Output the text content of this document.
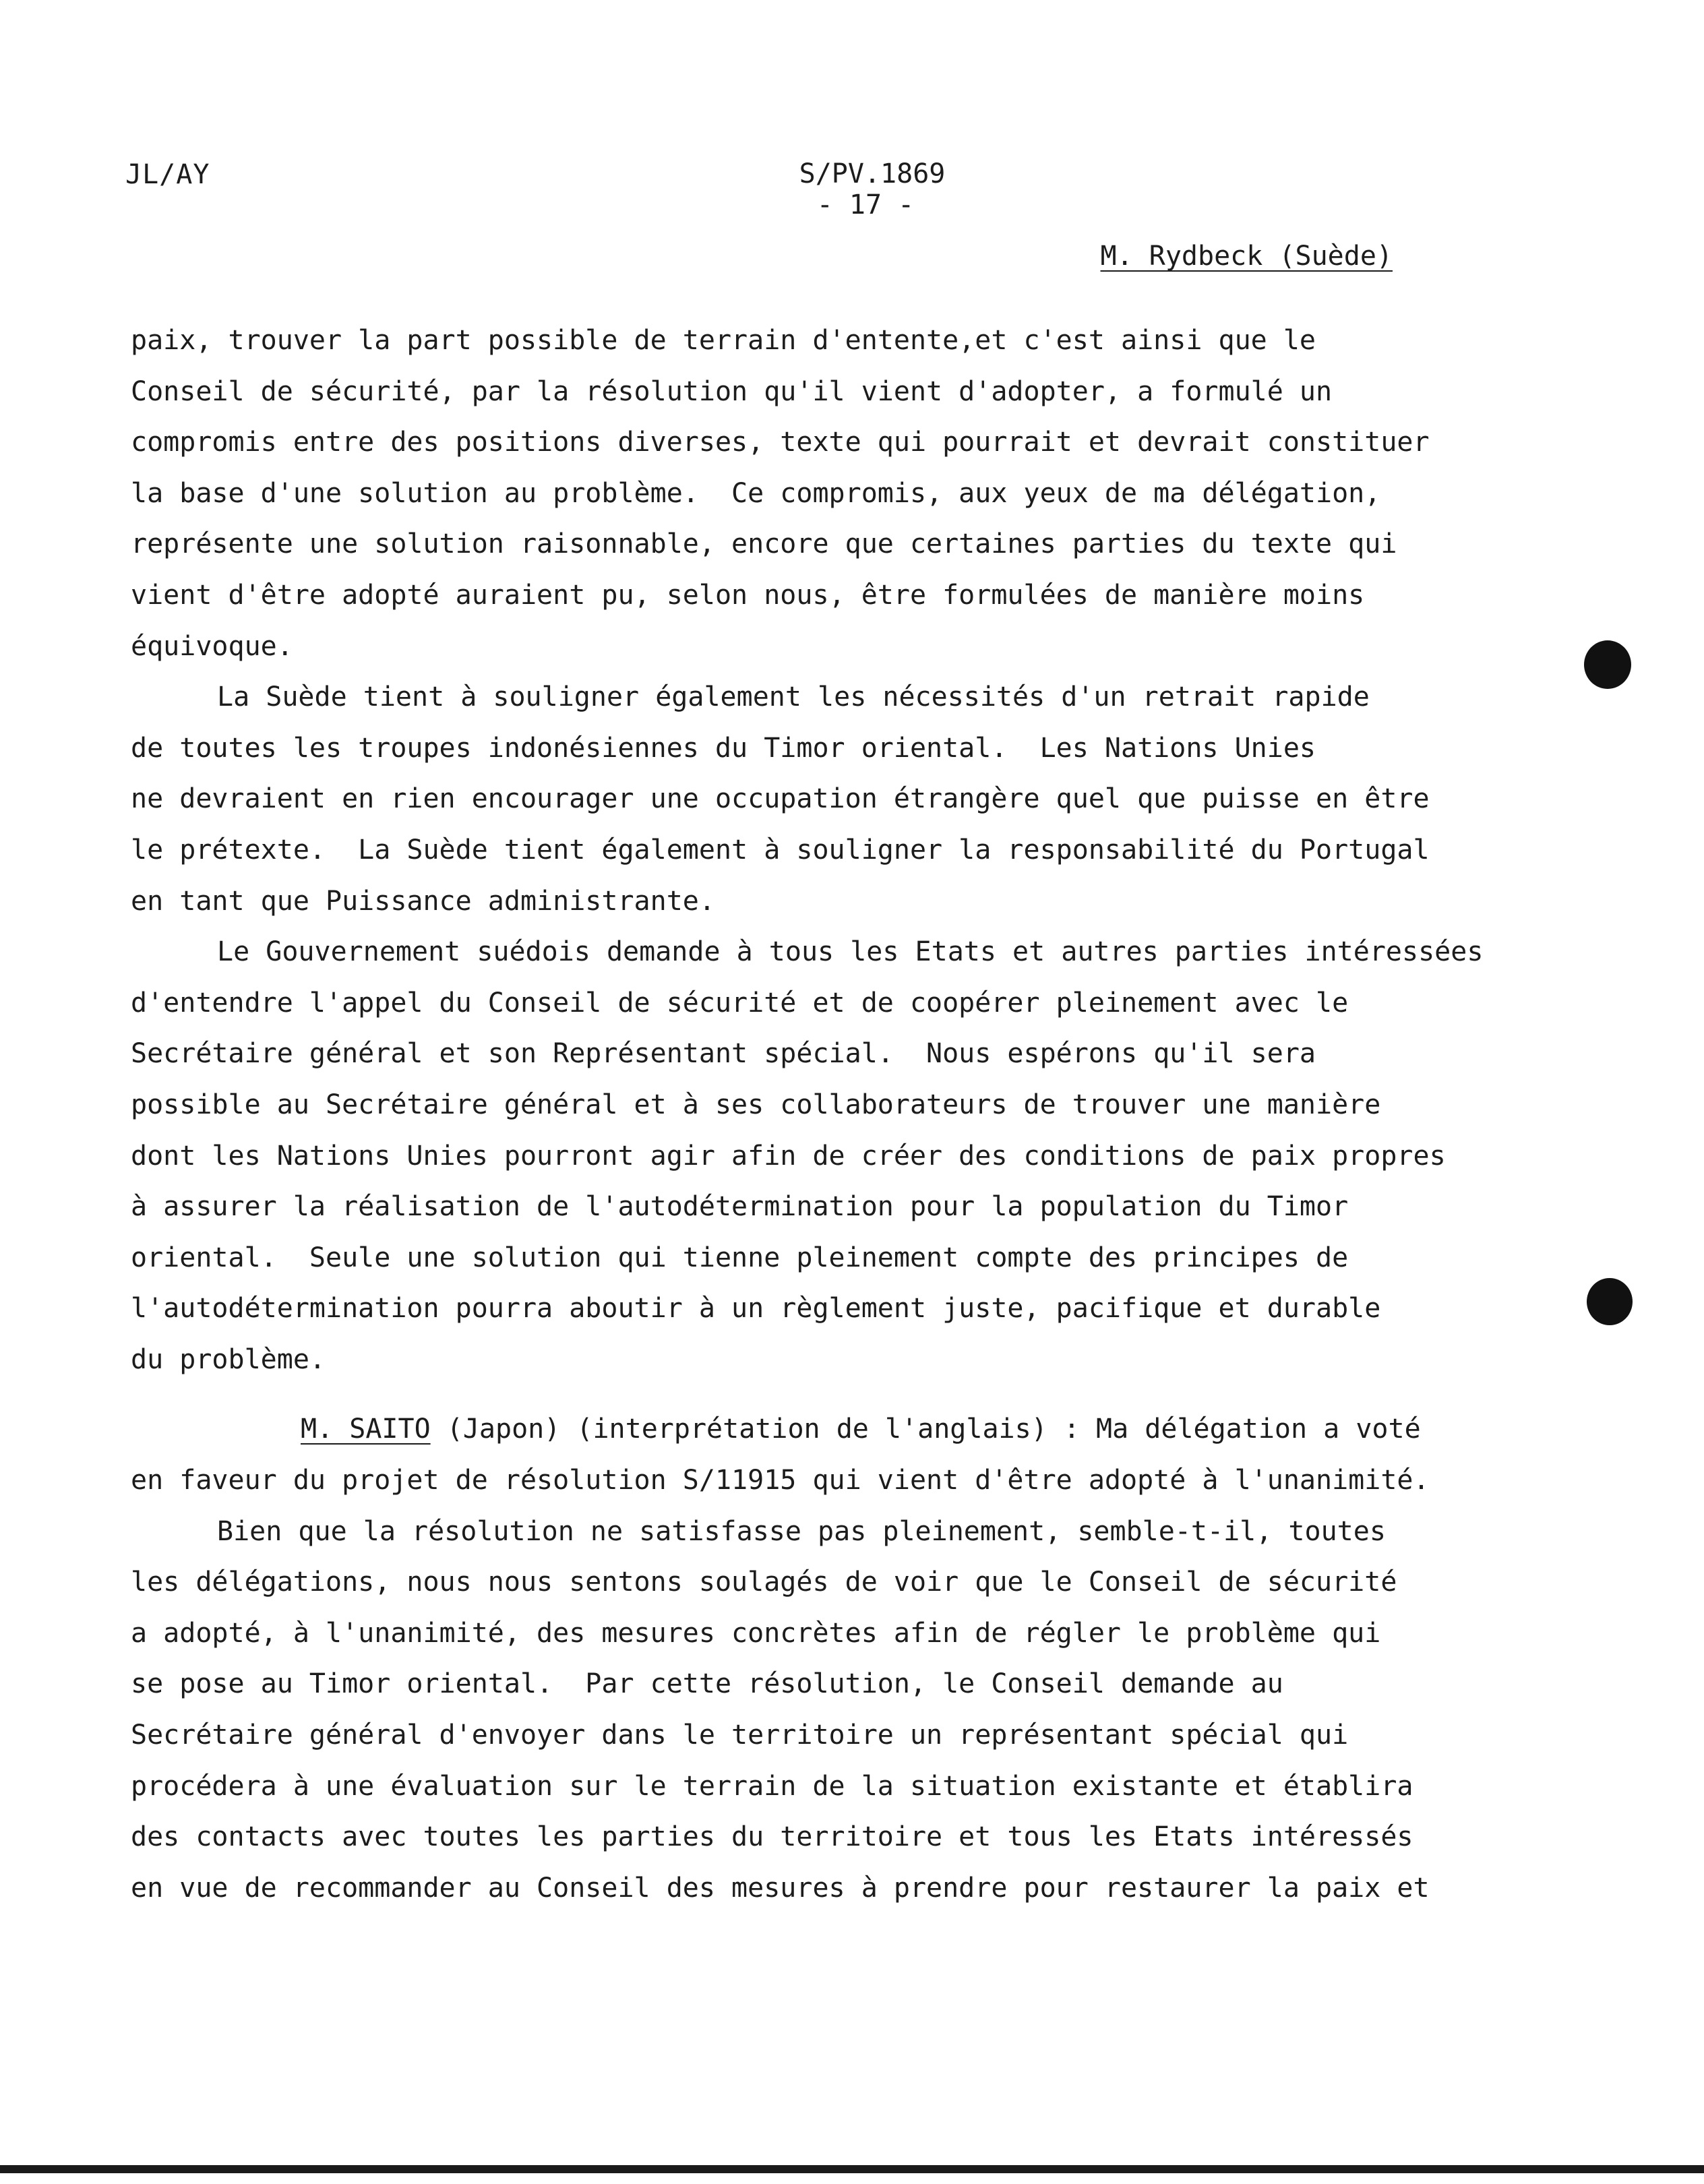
JL/AY	S/PV.1869
- 17 -
M. Rydbeck (Suède)
paix, trouver la part possible de terrain d'entente,et c'est ainsi que le
Conseil de sécurité, par la résolution qu'il vient d'adopter, a formulé un
compromis entre des positions diverses, texte qui pourrait et devrait constituer
la base d'une solution au problème.  Ce compromis, aux yeux de ma délégation,
représente une solution raisonnable, encore que certaines parties du texte qui
vient d'être adopté auraient pu, selon nous, être formulées de manière moins
équivoque.
La Suède tient à souligner également les nécessités d'un retrait rapide
de toutes les troupes indonésiennes du Timor oriental.  Les Nations Unies
ne devraient en rien encourager une occupation étrangère quel que puisse en être
le prétexte.  La Suède tient également à souligner la responsabilité du Portugal
en tant que Puissance administrante.
Le Gouvernement suédois demande à tous les Etats et autres parties intéressées
d'entendre l'appel du Conseil de sécurité et de coopérer pleinement avec le
Secrétaire général et son Représentant spécial.  Nous espérons qu'il sera
possible au Secrétaire général et à ses collaborateurs de trouver une manière
dont les Nations Unies pourront agir afin de créer des conditions de paix propres
à assurer la réalisation de l'autodétermination pour la population du Timor
oriental.  Seule une solution qui tienne pleinement compte des principes de
l'autodétermination pourra aboutir à un règlement juste, pacifique et durable
du problème.
M. SAITO (Japon) (interprétation de l'anglais) : Ma délégation a voté
en faveur du projet de résolution S/11915 qui vient d'être adopté à l'unanimité.
Bien que la résolution ne satisfasse pas pleinement, semble-t-il, toutes
les délégations, nous nous sentons soulagés de voir que le Conseil de sécurité
a adopté, à l'unanimité, des mesures concrètes afin de régler le problème qui
se pose au Timor oriental.  Par cette résolution, le Conseil demande au
Secrétaire général d'envoyer dans le territoire un représentant spécial qui
procédera à une évaluation sur le terrain de la situation existante et établira
des contacts avec toutes les parties du territoire et tous les Etats intéressés
en vue de recommander au Conseil des mesures à prendre pour restaurer la paix et
